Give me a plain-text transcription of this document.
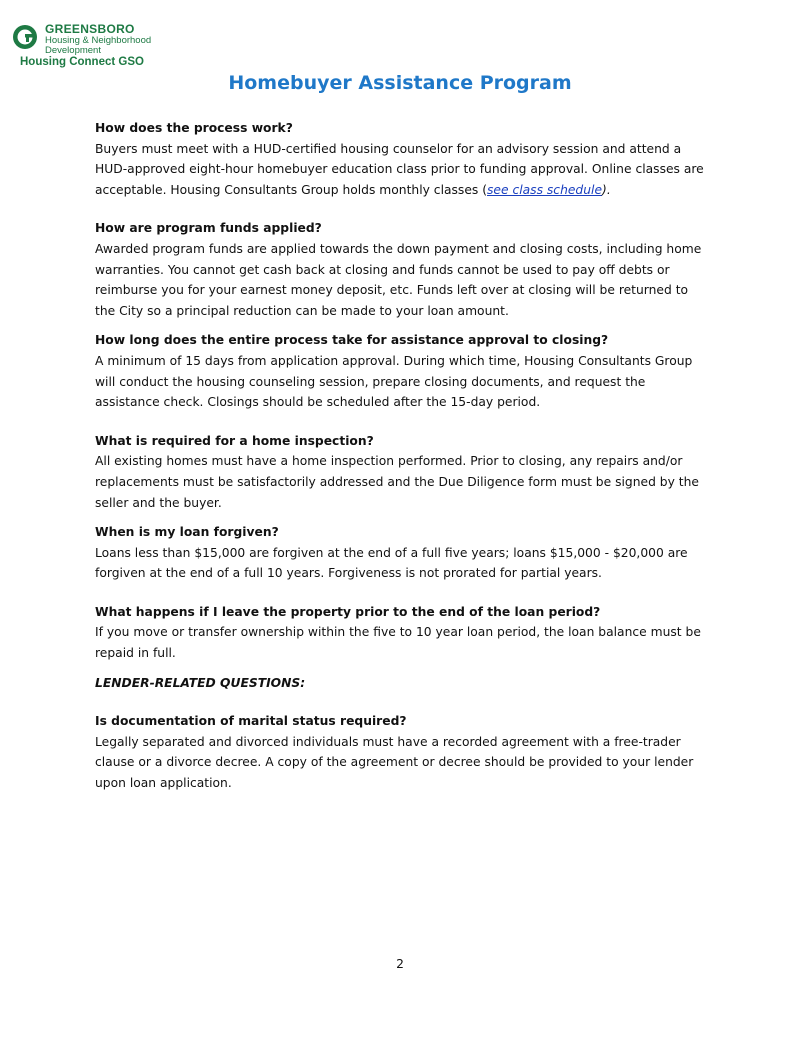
GREENSBORO
Housing & Neighborhood
Development
Housing Connect GSO
Homebuyer Assistance Program
How does the process work?
Buyers must meet with a HUD-certified housing counselor for an advisory session and attend a HUD-approved eight-hour homebuyer education class prior to funding approval. Online classes are acceptable. Housing Consultants Group holds monthly classes (see class schedule).
How are program funds applied?
Awarded program funds are applied towards the down payment and closing costs, including home warranties. You cannot get cash back at closing and funds cannot be used to pay off debts or reimburse you for your earnest money deposit, etc. Funds left over at closing will be returned to the City so a principal reduction can be made to your loan amount.
How long does the entire process take for assistance approval to closing?
A minimum of 15 days from application approval. During which time, Housing Consultants Group will conduct the housing counseling session, prepare closing documents, and request the assistance check. Closings should be scheduled after the 15-day period.
What is required for a home inspection?
All existing homes must have a home inspection performed. Prior to closing, any repairs and/or replacements must be satisfactorily addressed and the Due Diligence form must be signed by the seller and the buyer.
When is my loan forgiven?
Loans less than $15,000 are forgiven at the end of a full five years; loans $15,000 - $20,000 are forgiven at the end of a full 10 years. Forgiveness is not prorated for partial years.
What happens if I leave the property prior to the end of the loan period?
If you move or transfer ownership within the five to 10 year loan period, the loan balance must be repaid in full.
LENDER-RELATED QUESTIONS:
Is documentation of marital status required?
Legally separated and divorced individuals must have a recorded agreement with a free-trader clause or a divorce decree. A copy of the agreement or decree should be provided to your lender upon loan application.
2
